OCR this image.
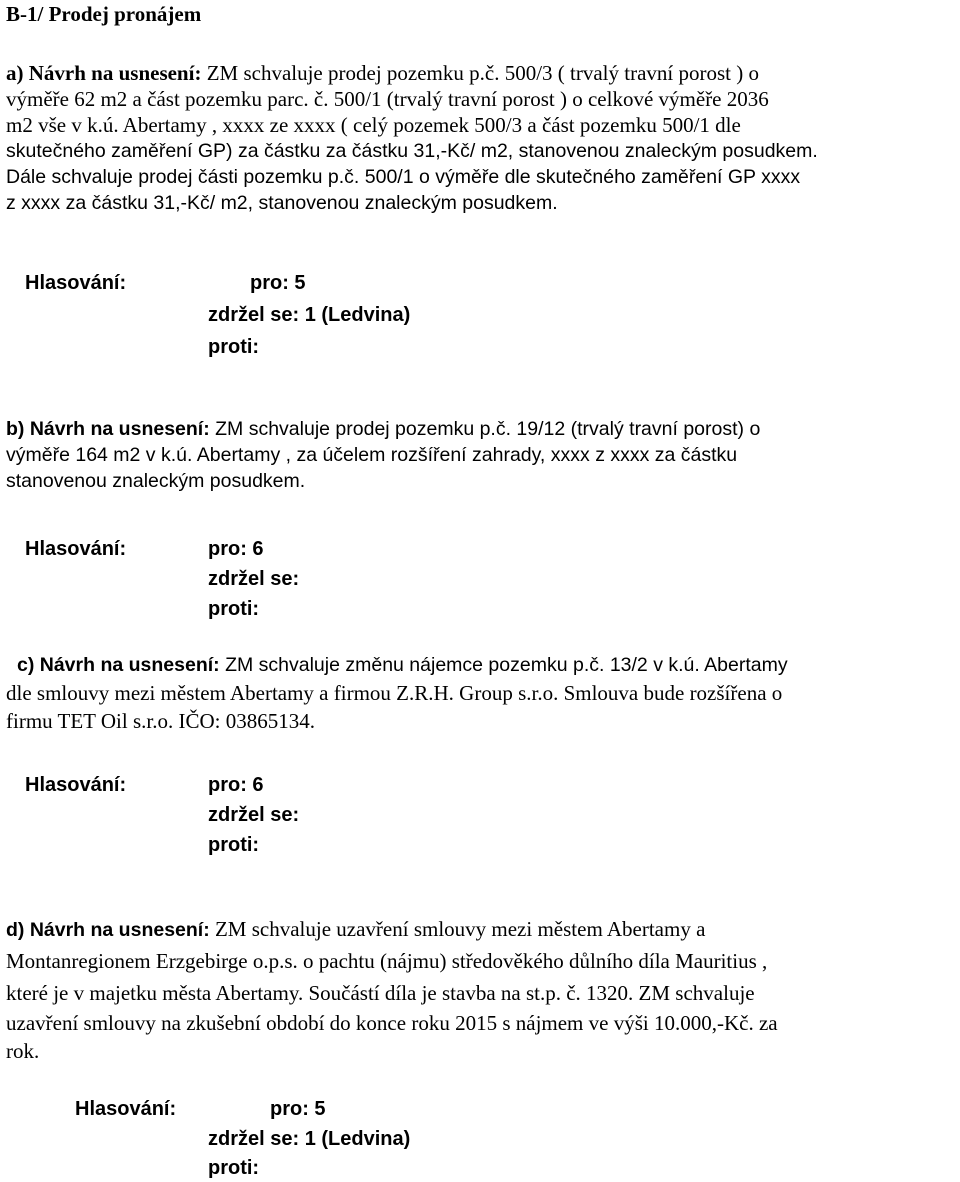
B-1/ Prodej pronájem
a) Návrh na usnesení: ZM schvaluje prodej pozemku p.č. 500/3 ( trvalý travní porost ) o
výměře 62 m2 a část pozemku parc. č. 500/1 (trvalý travní porost ) o celkové výměře 2036
m2 vše v k.ú. Abertamy , xxxx ze xxxx ( celý pozemek 500/3 a část pozemku 500/1 dle
skutečného zaměření GP) za částku za částku 31,-Kč/ m2, stanovenou znaleckým posudkem.
Dále schvaluje prodej části pozemku p.č. 500/1 o výměře dle skutečného zaměření GP xxxx
z xxxx za částku 31,-Kč/ m2, stanovenou znaleckým posudkem.
Hlasování:	pro: 5
zdržel se: 1 (Ledvina)
proti:
b) Návrh na usnesení: ZM schvaluje prodej pozemku p.č. 19/12 (trvalý travní porost) o
výměře 164 m2 v k.ú. Abertamy , za účelem rozšíření zahrady, xxxx z xxxx za částku
stanovenou znaleckým posudkem.
Hlasování:	pro: 6
zdržel se:
proti:
c) Návrh na usnesení: ZM schvaluje změnu nájemce pozemku p.č. 13/2 v k.ú. Abertamy
dle smlouvy mezi městem Abertamy a firmou Z.R.H. Group s.r.o. Smlouva bude rozšířena o
firmu TET Oil s.r.o. IČO: 03865134.
Hlasování:	pro: 6
zdržel se:
proti:
d) Návrh na usnesení: ZM schvaluje uzavření smlouvy mezi městem Abertamy a
Montanregionem Erzgebirge o.p.s. o pachtu (nájmu) středověkého důlního díla Mauritius ,
které je v majetku města Abertamy. Součástí díla je stavba na st.p. č. 1320. ZM schvaluje
uzavření smlouvy na zkušební období do konce roku 2015 s nájmem ve výši 10.000,-Kč. za
rok.
Hlasování:	pro: 5
zdržel se: 1 (Ledvina)
proti:
